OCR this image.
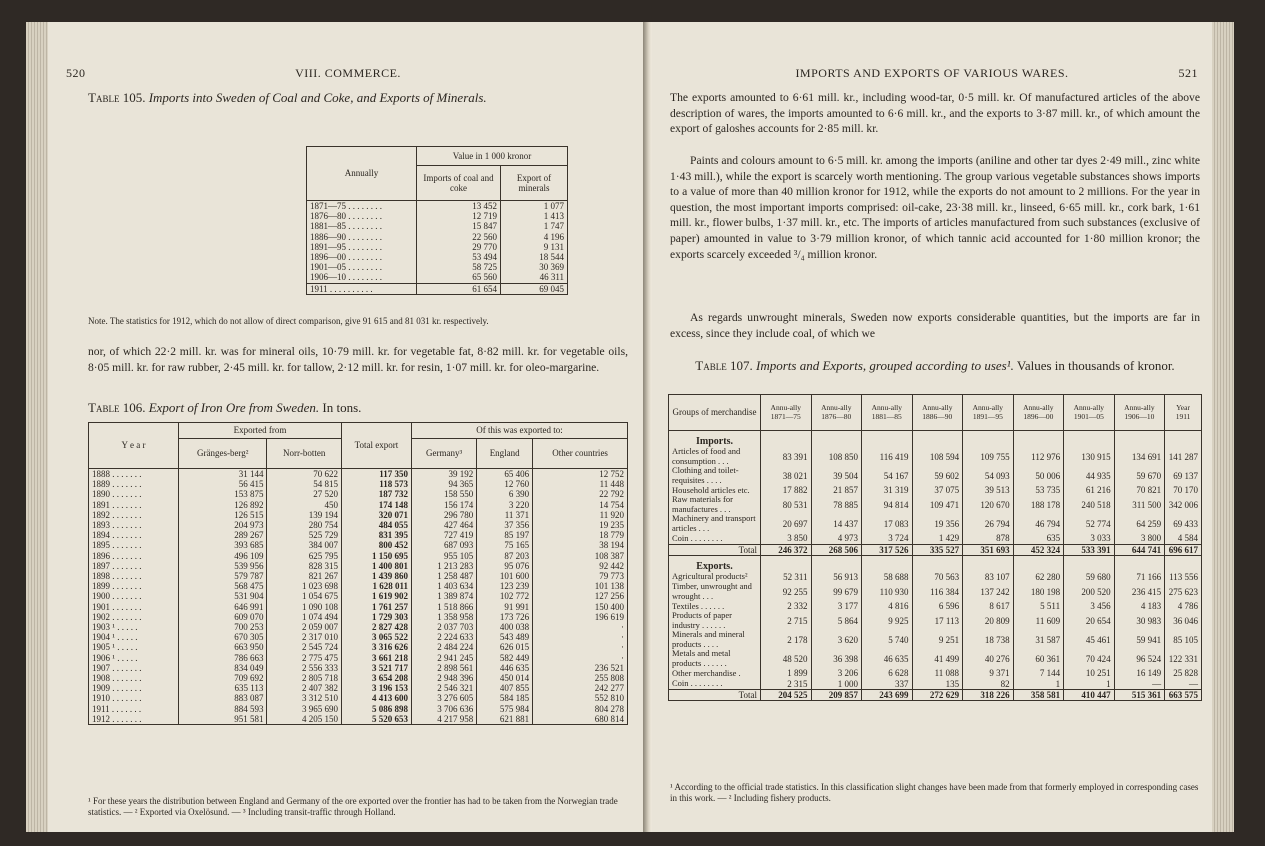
520	VIII. COMMERCE.
Table 105. Imports into Sweden of Coal and Coke, and Exports of Minerals.
Annually	Value in 1 000 kronor	
	Imports of coal and coke	Export of minerals
1871—75 . . . . . . . .	13 452	1 077
1876—80 . . . . . . . .	12 719	1 413
1881—85 . . . . . . . .	15 847	1 747
1886—90 . . . . . . . .	22 560	4 196
1891—95 . . . . . . . .	29 770	9 131
1896—00 . . . . . . . .	53 494	18 544
1901—05 . . . . . . . .	58 725	30 369
1906—10 . . . . . . . .	65 560	46 311
1911 . . . . . . . . . .	61 654	69 045
Note. The statistics for 1912, which do not allow of direct comparison, give 91 615 and 81 031 kr. respectively.
nor, of which 22·2 mill. kr. was for mineral oils, 10·79 mill. kr. for vegetable fat, 8·82 mill. kr. for vegetable oils, 8·05 mill. kr. for raw rubber, 2·45 mill. kr. for tallow, 2·12 mill. kr. for resin, 1·07 mill. kr. for oleo-margarine.
Table 106. Export of Iron Ore from Sweden. In tons.
Y e a r	Exported from		Total export	Of this was exported to:		
	Gränges-berg²	Norr-botten		Germany³	England	Other countries
1888 . . . . . . .	31 144	70 622	117 350	39 192	65 406	12 752
1889 . . . . . . .	56 415	54 815	118 573	94 365	12 760	11 448
1890 . . . . . . .	153 875	27 520	187 732	158 550	6 390	22 792
1891 . . . . . . .	126 892	450	174 148	156 174	3 220	14 754
1892 . . . . . . .	126 515	139 194	320 071	296 780	11 371	11 920
1893 . . . . . . .	204 973	280 754	484 055	427 464	37 356	19 235
1894 . . . . . . .	289 267	525 729	831 395	727 419	85 197	18 779
1895 . . . . . . .	393 685	384 007	800 452	687 093	75 165	38 194
1896 . . . . . . .	496 109	625 795	1 150 695	955 105	87 203	108 387
1897 . . . . . . .	539 956	828 315	1 400 801	1 213 283	95 076	92 442
1898 . . . . . . .	579 787	821 267	1 439 860	1 258 487	101 600	79 773
1899 . . . . . . .	568 475	1 023 698	1 628 011	1 403 634	123 239	101 138
1900 . . . . . . .	531 904	1 054 675	1 619 902	1 389 874	102 772	127 256
1901 . . . . . . .	646 991	1 090 108	1 761 257	1 518 866	91 991	150 400
1902 . . . . . . .	609 070	1 074 494	1 729 303	1 358 958	173 726	196 619
1903 ¹ . . . . .	700 253	2 059 007	2 827 428	2 037 703	400 038	·
1904 ¹ . . . . .	670 305	2 317 010	3 065 522	2 224 633	543 489	·
1905 ¹ . . . . .	663 950	2 545 724	3 316 626	2 484 224	626 015	·
1906 ¹ . . . . .	786 663	2 775 475	3 661 218	2 941 245	582 449	·
1907 . . . . . . .	834 049	2 556 333	3 521 717	2 898 561	446 635	236 521
1908 . . . . . . .	709 692	2 805 718	3 654 208	2 948 396	450 014	255 808
1909 . . . . . . .	635 113	2 407 382	3 196 153	2 546 321	407 855	242 277
1910 . . . . . . .	883 087	3 312 510	4 413 600	3 276 605	584 185	552 810
1911 . . . . . . .	884 593	3 965 690	5 086 898	3 706 636	575 984	804 278
1912 . . . . . . .	951 581	4 205 150	5 520 653	4 217 958	621 881	680 814
¹ For these years the distribution between England and Germany of the ore exported over the frontier has had to be taken from the Norwegian trade statistics. — ² Exported via Oxelösund. — ³ Including transit-traffic through Holland.
IMPORTS AND EXPORTS OF VARIOUS WARES.	521
The exports amounted to 6·61 mill. kr., including wood-tar, 0·5 mill. kr. Of manufactured articles of the above description of wares, the imports amounted to 6·6 mill. kr., and the exports to 3·87 mill. kr., of which amount the export of galoshes accounts for 2·85 mill. kr.
Paints and colours amount to 6·5 mill. kr. among the imports (aniline and other tar dyes 2·49 mill., zinc white 1·43 mill.), while the export is scarcely worth mentioning. The group various vegetable substances shows imports to a value of more than 40 million kronor for 1912, while the exports do not amount to 2 millions. For the year in question, the most important imports comprised: oil-cake, 23·38 mill. kr., linseed, 6·65 mill. kr., cork bark, 1·61 mill. kr., flower bulbs, 1·37 mill. kr., etc. The imports of articles manufactured from such substances (exclusive of paper) amounted in value to 3·79 million kronor, of which tannic acid accounted for 1·80 million kronor; the exports scarcely exceeded ³/₄ million kronor.
As regards unwrought minerals, Sweden now exports considerable quantities, but the imports are far in excess, since they include coal, of which we
Table 107. Imports and Exports, grouped according to uses¹. Values in thousands of kronor.
Groups of merchandise	Annu-ally 1871—75	Annu-ally 1876—80	Annu-ally 1881—85	Annu-ally 1886—90	Annu-ally 1891—95	Annu-ally 1896—00	Annu-ally 1901—05	Annu-ally 1906—10	Year 1911
Imports.									
Articles of food and consumption . . .	83 391	108 850	116 419	108 594	109 755	112 976	130 915	134 691	141 287
Clothing and toilet-requisites . . . .	38 021	39 504	54 167	59 602	54 093	50 006	44 935	59 670	69 137
Household articles etc.	17 882	21 857	31 319	37 075	39 513	53 735	61 216	70 821	70 170
Raw materials for manufactures . . .	80 531	78 885	94 814	109 471	120 670	188 178	240 518	311 500	342 006
Machinery and transport articles . . .	20 697	14 437	17 083	19 356	26 794	46 794	52 774	64 259	69 433
Coin . . . . . . . .	3 850	4 973	3 724	1 429	878	635	3 033	3 800	4 584
Total	246 372	268 506	317 526	335 527	351 693	452 324	533 391	644 741	696 617
Exports.									
Agricultural products²	52 311	56 913	58 688	70 563	83 107	62 280	59 680	71 166	113 556
Timber, unwrought and wrought . . .	92 255	99 679	110 930	116 384	137 242	180 198	200 520	236 415	275 623
Textiles . . . . . .	2 332	3 177	4 816	6 596	8 617	5 511	3 456	4 183	4 786
Products of paper industry . . . . . .	2 715	5 864	9 925	17 113	20 809	11 609	20 654	30 983	36 046
Minerals and mineral products . . . .	2 178	3 620	5 740	9 251	18 738	31 587	45 461	59 941	85 105
Metals and metal products . . . . . .	48 520	36 398	46 635	41 499	40 276	60 361	70 424	96 524	122 331
Other merchandise .	1 899	3 206	6 628	11 088	9 371	7 144	10 251	16 149	25 828
Coin . . . . . . . .	2 315	1 000	337	135	82	1	1	—	—
Total	204 525	209 857	243 699	272 629	318 226	358 581	410 447	515 361	663 575
¹ According to the official trade statistics. In this classification slight changes have been made from that formerly employed in corresponding cases in this work. — ² Including fishery products.
